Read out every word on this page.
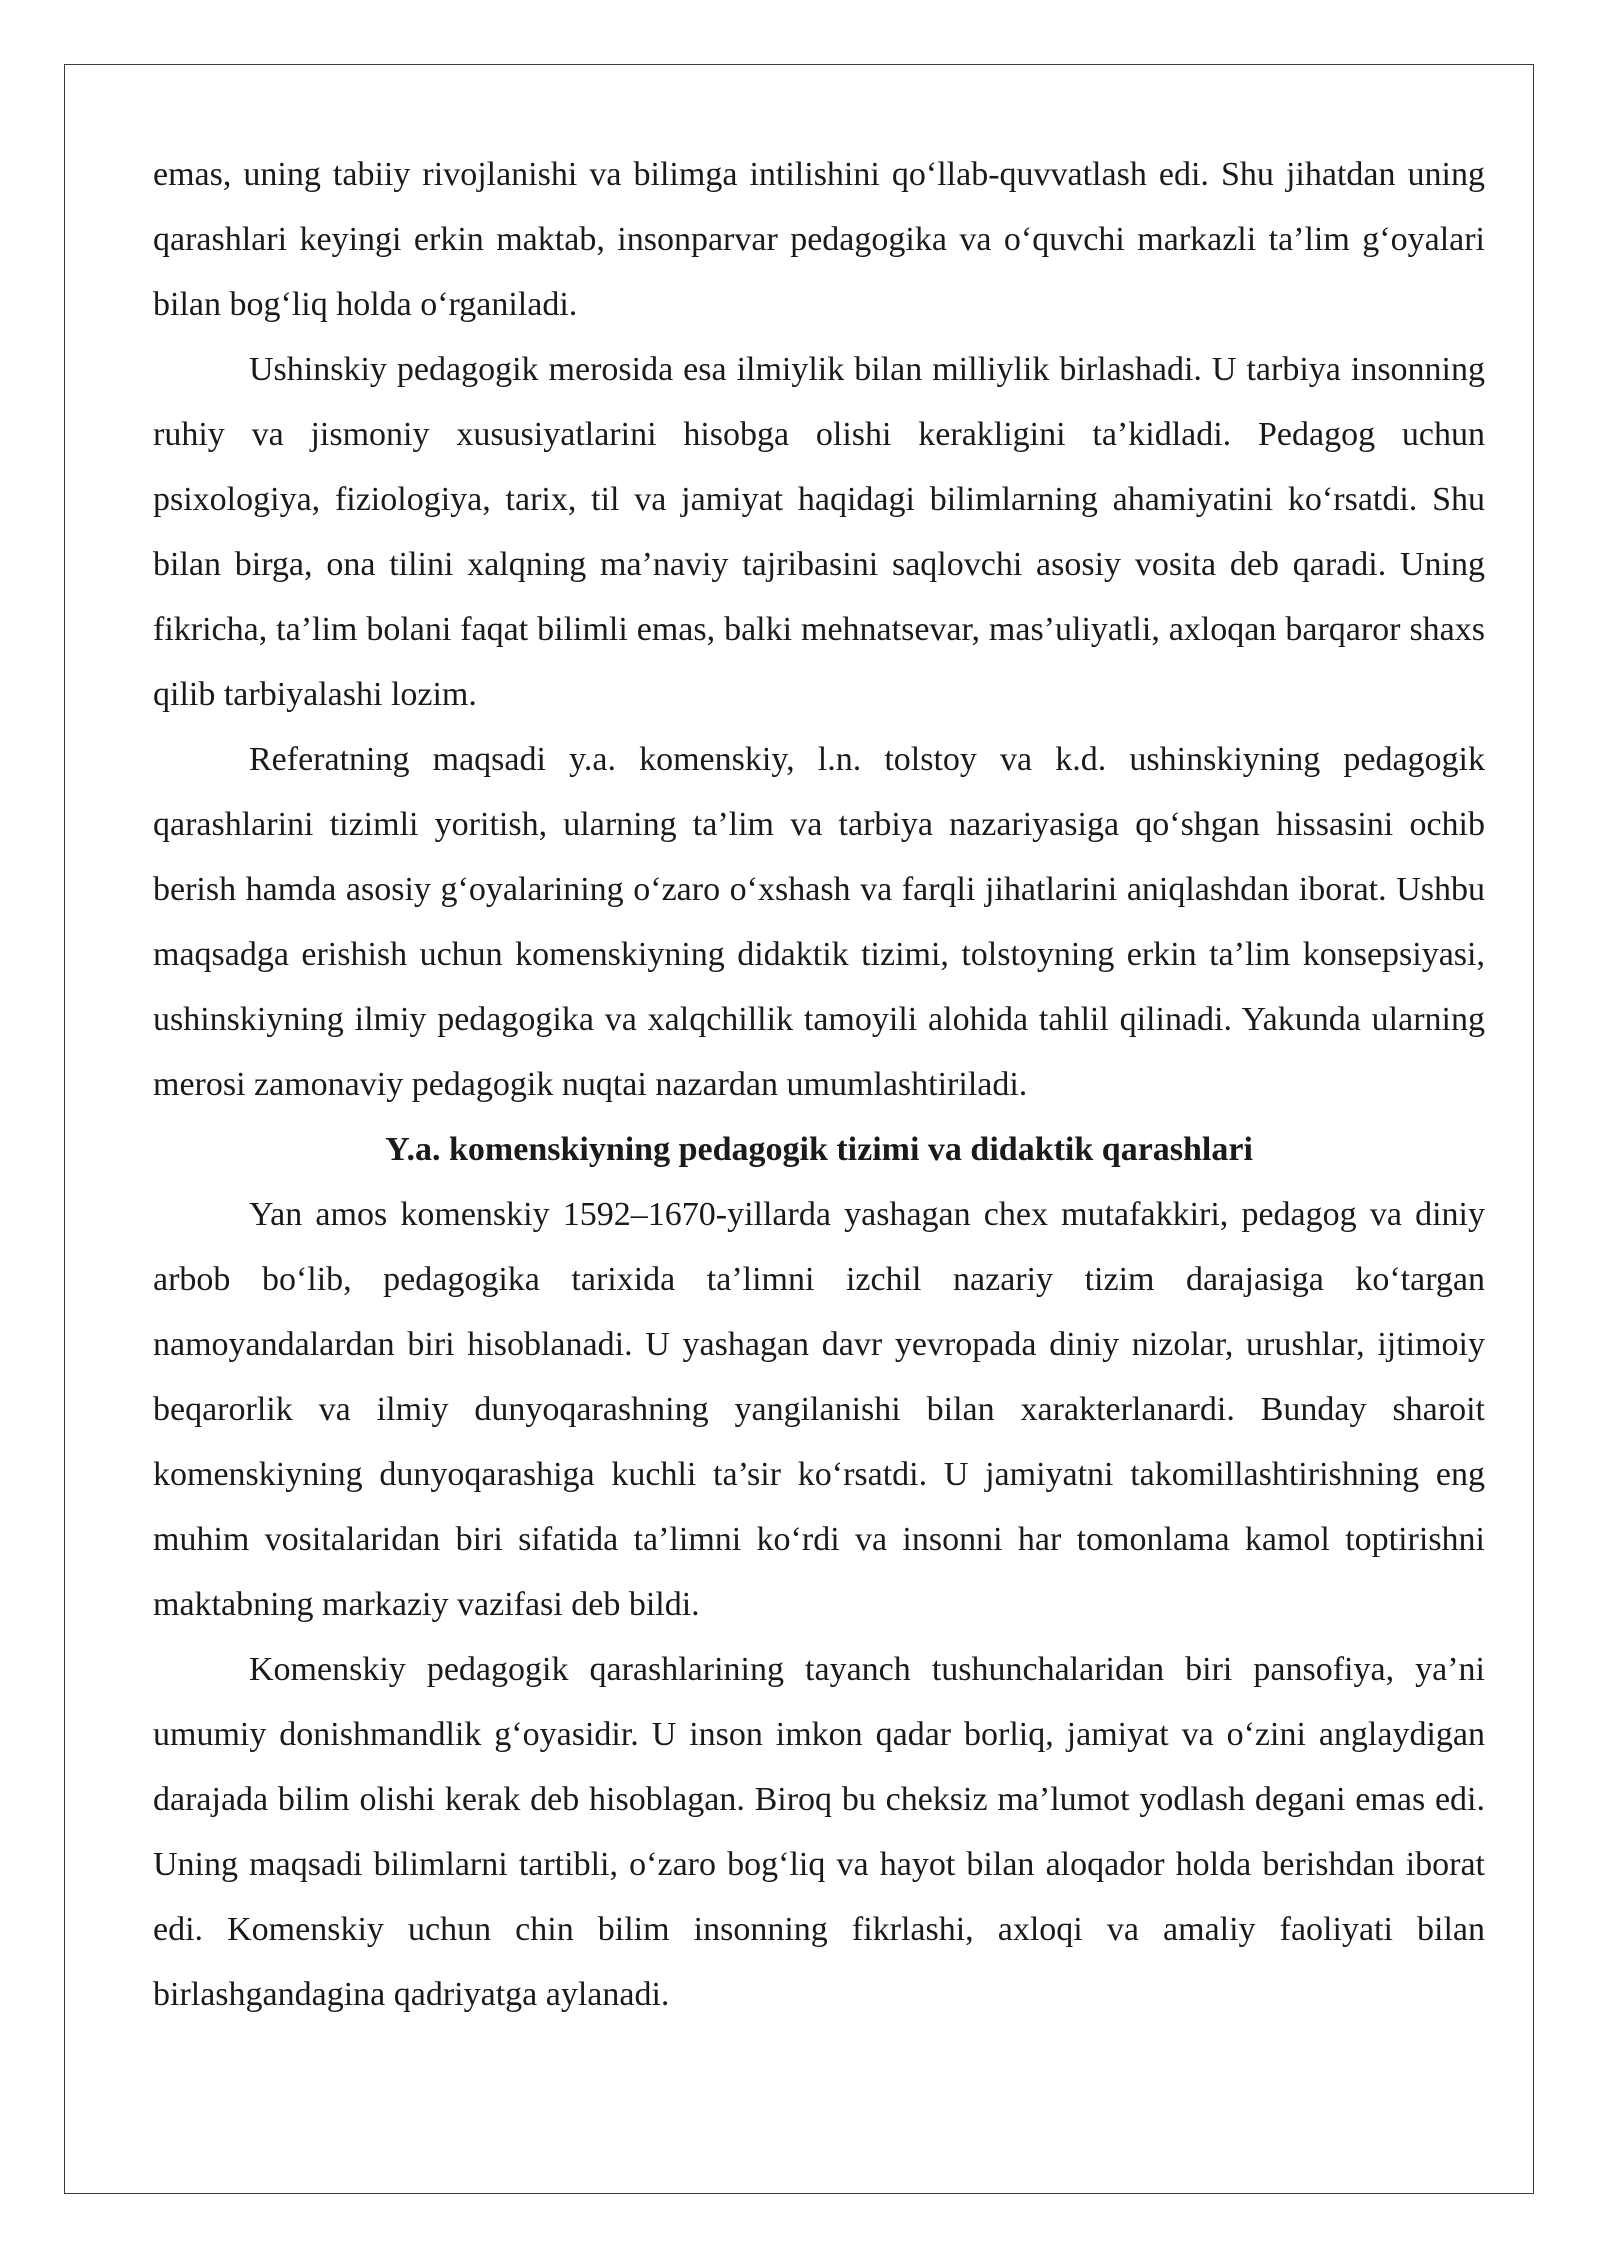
emas, uning tabiiy rivojlanishi va bilimga intilishini qo‘llab-quvvatlash edi. Shu jihatdan uning qarashlari keyingi erkin maktab, insonparvar pedagogika va o‘quvchi markazli ta’lim g‘oyalari bilan bog‘liq holda o‘rganiladi.

Ushinskiy pedagogik merosida esa ilmiylik bilan milliylik birlashadi. U tarbiya insonning ruhiy va jismoniy xususiyatlarini hisobga olishi kerakligini ta’kidladi. Pedagog uchun psixologiya, fiziologiya, tarix, til va jamiyat haqidagi bilimlarning ahamiyatini ko‘rsatdi. Shu bilan birga, ona tilini xalqning ma’naviy tajribasini saqlovchi asosiy vosita deb qaradi. Uning fikricha, ta’lim bolani faqat bilimli emas, balki mehnatsevar, mas’uliyatli, axloqan barqaror shaxs qilib tarbiyalashi lozim.

Referatning maqsadi y.a. komenskiy, l.n. tolstoy va k.d. ushinskiyning pedagogik qarashlarini tizimli yoritish, ularning ta’lim va tarbiya nazariyasiga qo‘shgan hissasini ochib berish hamda asosiy g‘oyalarining o‘zaro o‘xshash va farqli jihatlarini aniqlashdan iborat. Ushbu maqsadga erishish uchun komenskiyning didaktik tizimi, tolstoyning erkin ta’lim konsepsiyasi, ushinskiyning ilmiy pedagogika va xalqchillik tamoyili alohida tahlil qilinadi. Yakunda ularning merosi zamonaviy pedagogik nuqtai nazardan umumlashtiriladi.

Y.a. komenskiyning pedagogik tizimi va didaktik qarashlari

Yan amos komenskiy 1592–1670-yillarda yashagan chex mutafakkiri, pedagog va diniy arbob bo‘lib, pedagogika tarixida ta’limni izchil nazariy tizim darajasiga ko‘targan namoyandalardan biri hisoblanadi. U yashagan davr yevropada diniy nizolar, urushlar, ijtimoiy beqarorlik va ilmiy dunyoqarashning yangilanishi bilan xarakterlanardi. Bunday sharoit komenskiyning dunyoqarashiga kuchli ta’sir ko‘rsatdi. U jamiyatni takomillashtirishning eng muhim vositalaridan biri sifatida ta’limni ko‘rdi va insonni har tomonlama kamol toptirishni maktabning markaziy vazifasi deb bildi.

Komenskiy pedagogik qarashlarining tayanch tushunchalaridan biri pansofiya, ya’ni umumiy donishmandlik g‘oyasidir. U inson imkon qadar borliq, jamiyat va o‘zini anglaydigan darajada bilim olishi kerak deb hisoblagan. Biroq bu cheksiz ma’lumot yodlash degani emas edi. Uning maqsadi bilimlarni tartibli, o‘zaro bog‘liq va hayot bilan aloqador holda berishdan iborat edi. Komenskiy uchun chin bilim insonning fikrlashi, axloqi va amaliy faoliyati bilan birlashgandagina qadriyatga aylanadi.
